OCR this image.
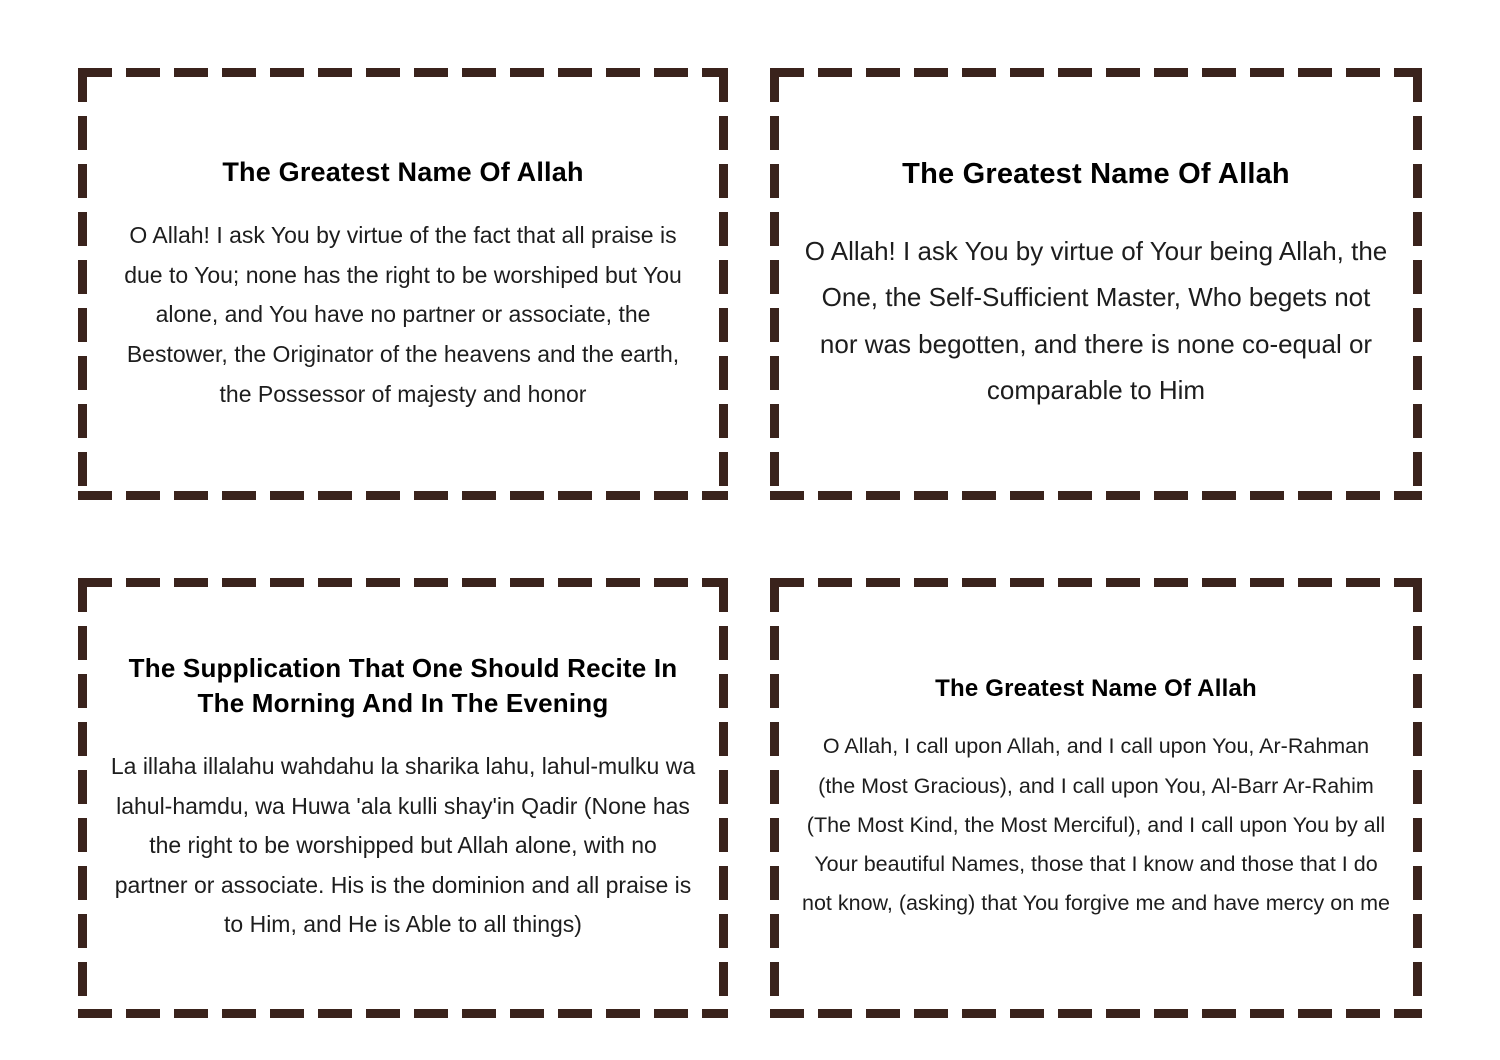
The Greatest Name Of Allah

O Allah! I ask You by virtue of the fact that all praise is due to You; none has the right to be worshiped but You alone, and You have no partner or associate, the Bestower, the Originator of the heavens and the earth, the Possessor of majesty and honor

The Greatest Name Of Allah

O Allah! I ask You by virtue of Your being Allah, the One, the Self-Sufficient Master, Who begets not nor was begotten, and there is none co-equal or comparable to Him

The Supplication That One Should Recite In The Morning And In The Evening

La illaha illalahu wahdahu la sharika lahu, lahul-mulku wa lahul-hamdu, wa Huwa 'ala kulli shay'in Qadir (None has the right to be worshipped but Allah alone, with no partner or associate. His is the dominion and all praise is to Him, and He is Able to all things)

The Greatest Name Of Allah

O Allah, I call upon Allah, and I call upon You, Ar-Rahman (the Most Gracious), and I call upon You, Al-Barr Ar-Rahim (The Most Kind, the Most Merciful), and I call upon You by all Your beautiful Names, those that I know and those that I do not know, (asking) that You forgive me and have mercy on me
